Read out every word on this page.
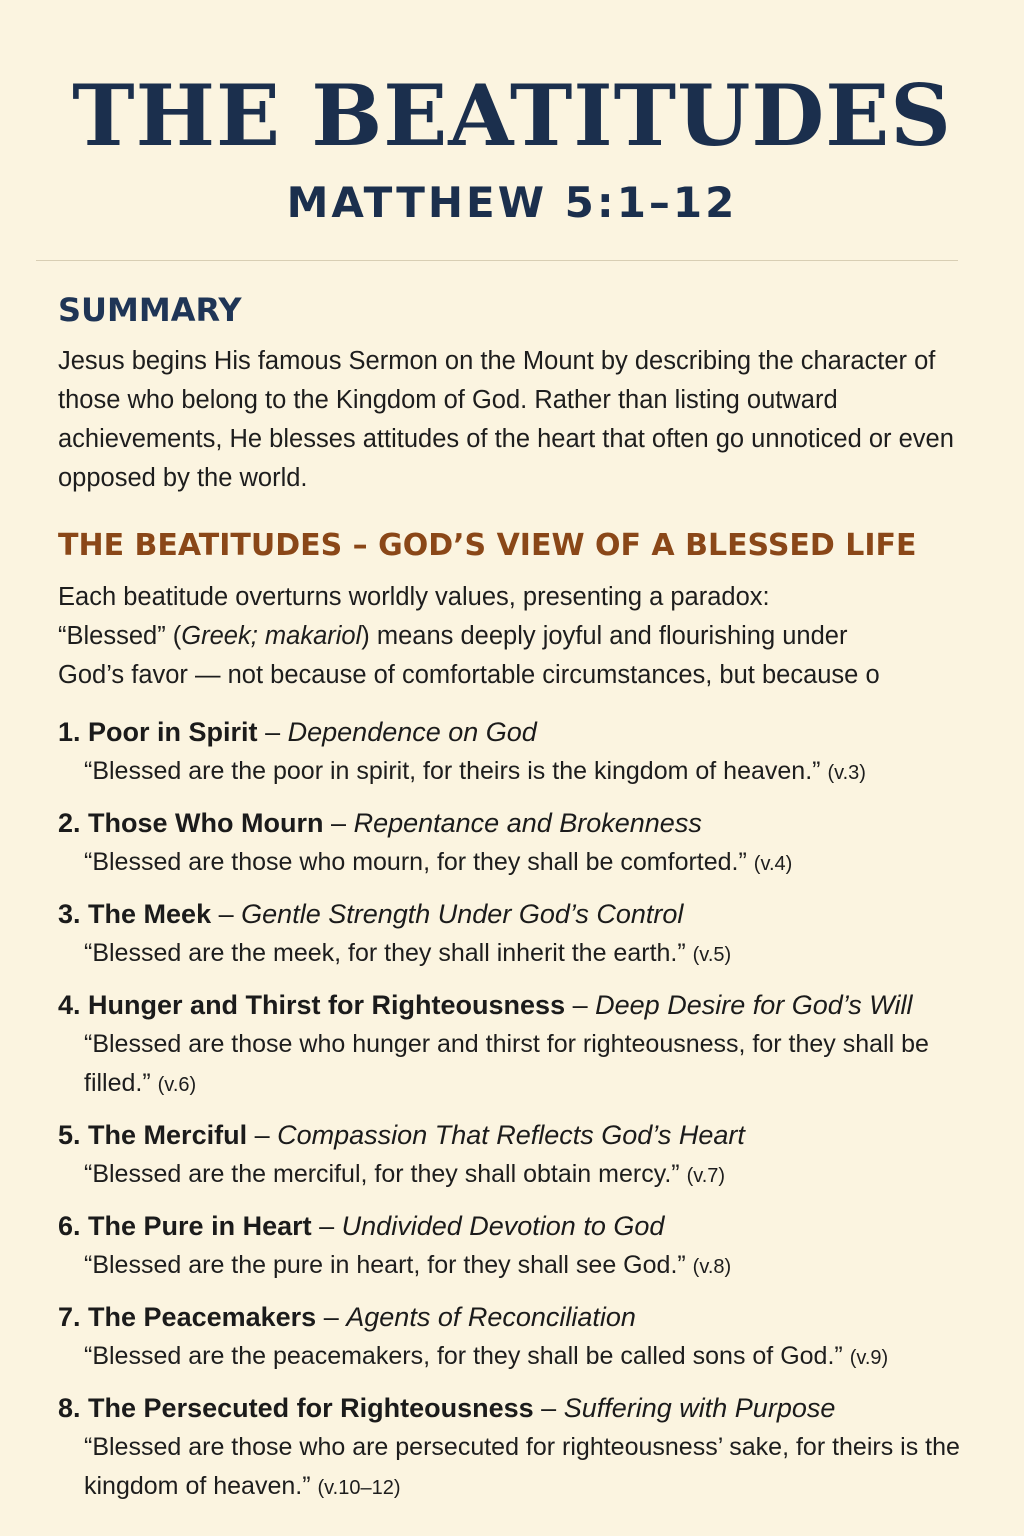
THE BEATITUDES
MATTHEW 5:1–12
SUMMARY

Jesus begins His famous Sermon on the Mount by describing the character of those who belong to the Kingdom of God. Rather than listing outward achievements, He blesses attitudes of the heart that often go unnoticed or even opposed by the world.

THE BEATITUDES – GOD’S VIEW OF A BLESSED LIFE

Each beatitude overturns worldly values, presenting a paradox:
“Blessed” (Greek; makariol) means deeply joyful and flourishing under
God’s favor — not because of comfortable circumstances, but because o

1. Poor in Spirit – Dependence on God
“Blessed are the poor in spirit, for theirs is the kingdom of heaven.” (v.3)
2. Those Who Mourn – Repentance and Brokenness
“Blessed are those who mourn, for they shall be comforted.” (v.4)
3. The Meek – Gentle Strength Under God’s Control
“Blessed are the meek, for they shall inherit the earth.” (v.5)
4. Hunger and Thirst for Righteousness – Deep Desire for God’s Will
“Blessed are those who hunger and thirst for righteousness, for they shall be filled.” (v.6)
5. The Merciful – Compassion That Reflects God’s Heart
“Blessed are the merciful, for they shall obtain mercy.” (v.7)
6. The Pure in Heart – Undivided Devotion to God
“Blessed are the pure in heart, for they shall see God.” (v.8)
7. The Peacemakers – Agents of Reconciliation
“Blessed are the peacemakers, for they shall be called sons of God.” (v.9)
8. The Persecuted for Righteousness – Suffering with Purpose
“Blessed are those who are persecuted for righteousness’ sake, for theirs is the kingdom of heaven.” (v.10–12)
